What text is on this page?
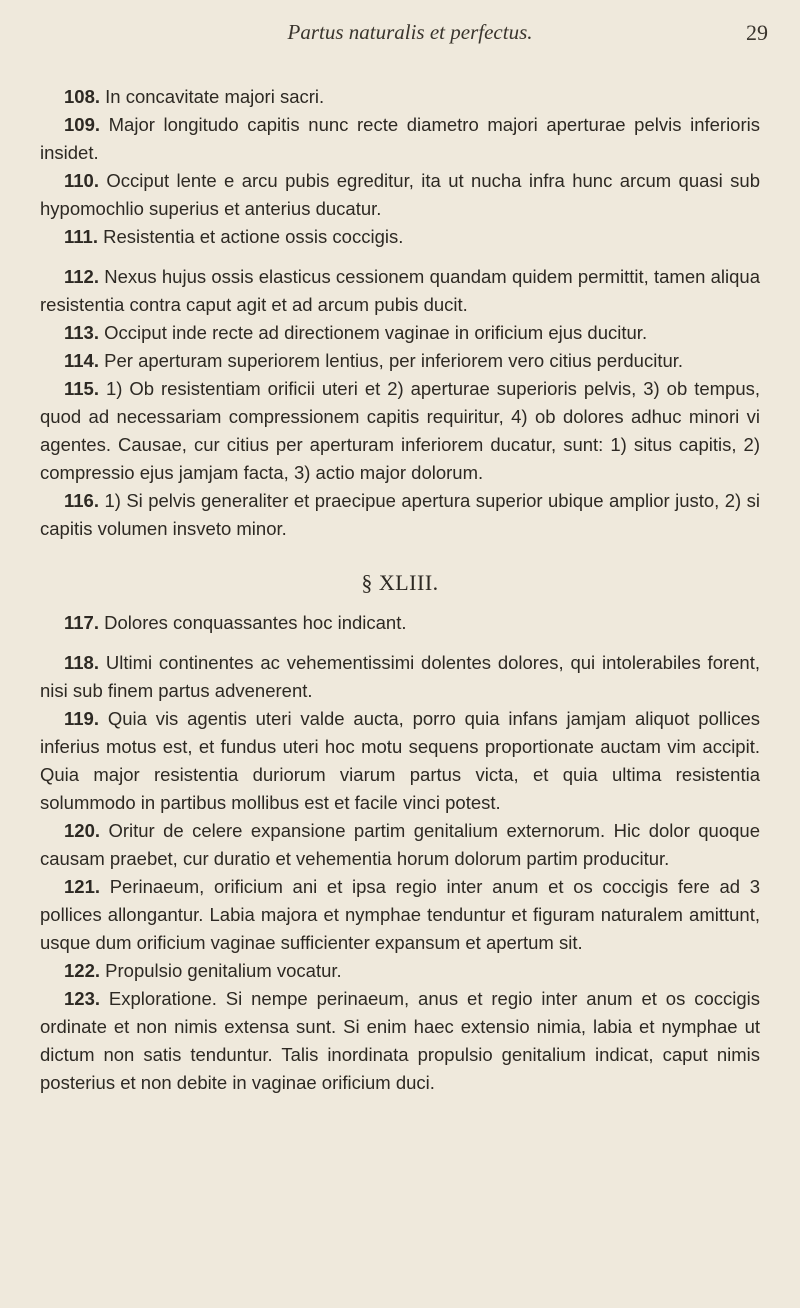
Partus naturalis et perfectus.	29

108. In concavitate majori sacri.

109. Major longitudo capitis nunc recte diametro majori aperturae pelvis inferioris insidet.

110. Occiput lente e arcu pubis egreditur, ita ut nucha infra hunc arcum quasi sub hypomochlio superius et anterius ducatur.

111. Resistentia et actione ossis coccigis.

112. Nexus hujus ossis elasticus cessionem quandam quidem permittit, tamen aliqua resistentia contra caput agit et ad arcum pubis ducit.

113. Occiput inde recte ad directionem vaginae in orificium ejus ducitur.

114. Per aperturam superiorem lentius, per inferiorem vero citius perducitur.

115. 1) Ob resistentiam orificii uteri et 2) aperturae superioris pelvis, 3) ob tempus, quod ad necessariam compressionem capitis requiritur, 4) ob dolores adhuc minori vi agentes. Causae, cur citius per aperturam inferiorem ducatur, sunt: 1) situs capitis, 2) compressio ejus jamjam facta, 3) actio major dolorum.

116. 1) Si pelvis generaliter et praecipue apertura superior ubique amplior justo, 2) si capitis volumen insveto minor.

§ XLIII.

117. Dolores conquassantes hoc indicant.

118. Ultimi continentes ac vehementissimi dolentes dolores, qui intolerabiles forent, nisi sub finem partus advenerent.

119. Quia vis agentis uteri valde aucta, porro quia infans jamjam aliquot pollices inferius motus est, et fundus uteri hoc motu sequens proportionate auctam vim accipit. Quia major resistentia duriorum viarum partus victa, et quia ultima resistentia solummodo in partibus mollibus est et facile vinci potest.

120. Oritur de celere expansione partim genitalium externorum. Hic dolor quoque causam praebet, cur duratio et vehementia horum dolorum partim producitur.

121. Perinaeum, orificium ani et ipsa regio inter anum et os coccigis fere ad 3 pollices allongantur. Labia majora et nymphae tenduntur et figuram naturalem amittunt, usque dum orificium vaginae sufficienter expansum et apertum sit.

122. Propulsio genitalium vocatur.

123. Exploratione. Si nempe perinaeum, anus et regio inter anum et os coccigis ordinate et non nimis extensa sunt. Si enim haec extensio nimia, labia et nymphae ut dictum non satis tenduntur. Talis inordinata propulsio genitalium indicat, caput nimis posterius et non debite in vaginae orificium duci.
